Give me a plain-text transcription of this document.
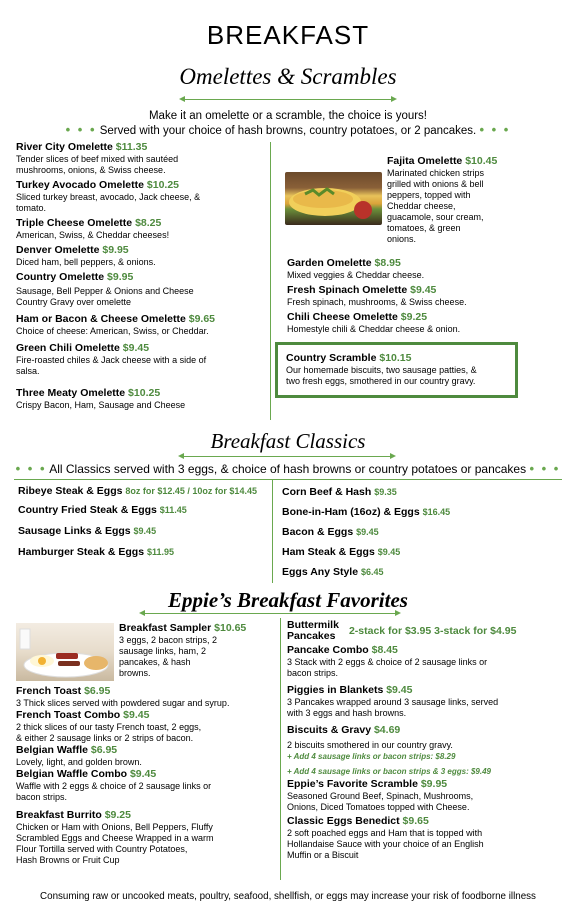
BREAKFAST
Omelettes & Scrambles
Make it an omelette or a scramble, the choice is yours!
• • • Served with your choice of hash browns, country potatoes, or 2 pancakes. • • •
River City Omelette $11.35
Tender slices of beef mixed with sautéed
mushrooms, onions, & Swiss cheese.
Turkey Avocado Omelette $10.25
Sliced turkey breast, avocado, Jack cheese, &
tomato.
Triple Cheese Omelette $8.25
American, Swiss, & Cheddar cheeses!
Denver Omelette $9.95
Diced ham, bell peppers, & onions.
Country Omelette $9.95
Sausage, Bell Pepper & Onions and Cheese
Country Gravy over omelette
Ham or Bacon & Cheese Omelette $9.65
Choice of cheese: American, Swiss, or Cheddar.
Green Chili Omelette $9.45
Fire-roasted chiles & Jack cheese with a side of
salsa.
Three Meaty Omelette $10.25
Crispy Bacon, Ham, Sausage and Cheese
Fajita Omelette $10.45
Marinated chicken strips
grilled with onions & bell
peppers, topped with
Cheddar cheese,
guacamole, sour cream,
tomatoes, & green
onions.
Garden Omelette $8.95
Mixed veggies & Cheddar cheese.
Fresh Spinach Omelette $9.45
Fresh spinach, mushrooms, & Swiss cheese.
Chili Cheese Omelette $9.25
Homestyle chili & Cheddar cheese & onion.
Country Scramble $10.15
Our homemade biscuits, two sausage patties, &
two fresh eggs, smothered in our country gravy.
Breakfast Classics
• • • All Classics served with 3 eggs, & choice of hash browns or country potatoes or pancakes • • •
Ribeye Steak & Eggs 8oz for $12.45 / 10oz for $14.45
Country Fried Steak & Eggs $11.45
Sausage Links & Eggs $9.45
Hamburger Steak & Eggs $11.95
Corn Beef & Hash $9.35
Bone-in-Ham (16oz) & Eggs $16.45
Bacon & Eggs $9.45
Ham Steak & Eggs $9.45
Eggs Any Style $6.45
Eppie’s Breakfast Favorites
Breakfast Sampler $10.65
3 eggs, 2 bacon strips, 2
sausage links, ham, 2
pancakes, & hash
browns.
French Toast $6.95
3 Thick slices served with powdered sugar and syrup.
French Toast Combo $9.45
2 thick slices of our tasty French toast, 2 eggs,
& either 2 sausage links or 2 strips of bacon.
Belgian Waffle $6.95
Lovely, light, and golden brown.
Belgian Waffle Combo $9.45
Waffle with 2 eggs & choice of 2 sausage links or
bacon strips.
Breakfast Burrito $9.25
Chicken or Ham with Onions, Bell Peppers, Fluffy
Scrambled Eggs and Cheese Wrapped in a warm
Flour Tortilla served with Country Potatoes,
Hash Browns or Fruit Cup
Buttermilk
Pancakes	2-stack for $3.95 3-stack for $4.95
Pancake Combo $8.45
3 Stack with 2 eggs & choice of 2 sausage links or
bacon strips.
Piggies in Blankets $9.45
3 Pancakes wrapped around 3 sausage links, served
with 3 eggs and hash browns.
Biscuits & Gravy $4.69
2 biscuits smothered in our country gravy.
+ Add 4 sausage links or bacon strips: $8.29
+ Add 4 sausage links or bacon strips & 3 eggs: $9.49
Eppie’s Favorite Scramble $9.95
Seasoned Ground Beef, Spinach, Mushrooms,
Onions, Diced Tomatoes topped with Cheese.
Classic Eggs Benedict $9.65
2 soft poached eggs and Ham that is topped with
Hollandaise Sauce with your choice of an English
Muffin or a Biscuit
Consuming raw or uncooked meats, poultry, seafood, shellfish, or eggs may increase your risk of foodborne illness
